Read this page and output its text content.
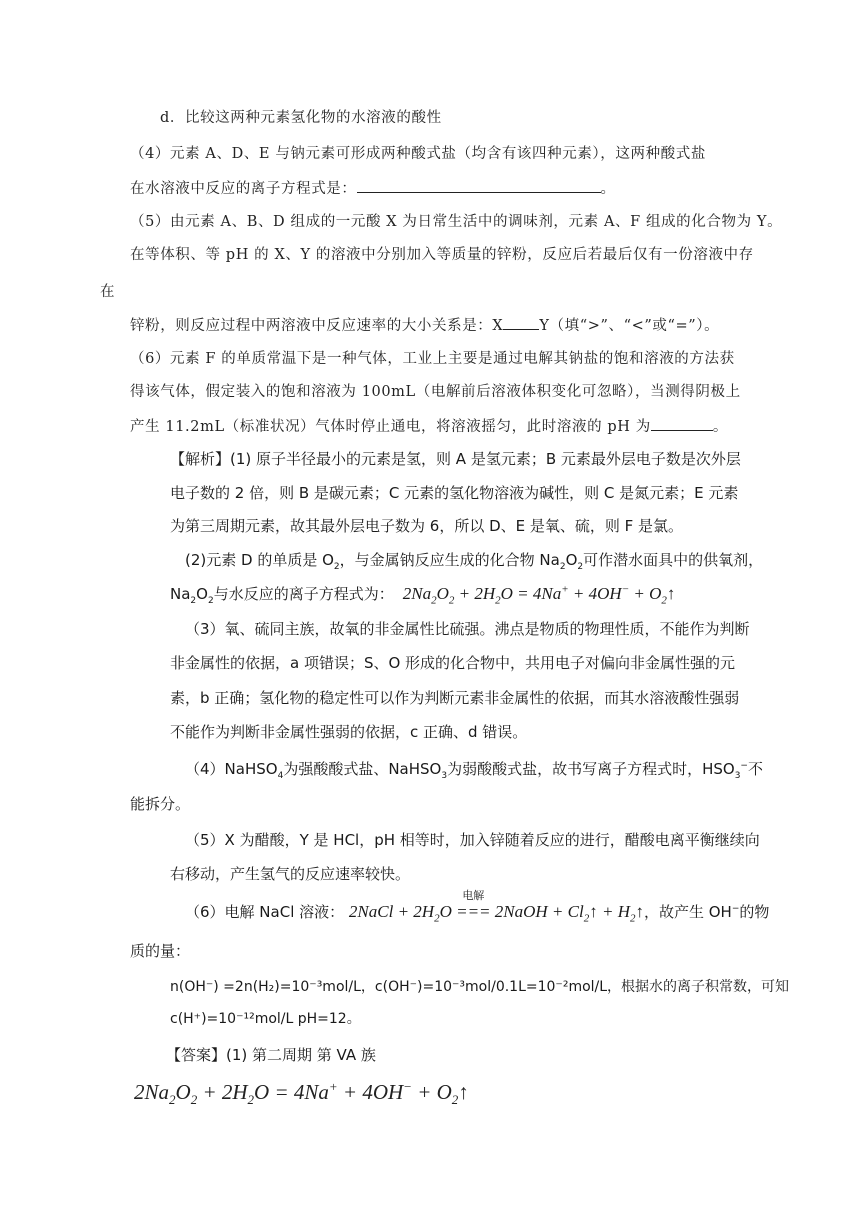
d．比较这两种元素氢化物的水溶液的酸性
（4）元素 A、D、E 与钠元素可形成两种酸式盐（均含有该四种元素），这两种酸式盐
在水溶液中反应的离子方程式是：	。
（5）由元素 A、B、D 组成的一元酸 X 为日常生活中的调味剂，元素 A、F 组成的化合物为 Y。
在等体积、等 pH 的 X、Y 的溶液中分别加入等质量的锌粉，反应后若最后仅有一份溶液中存
在
锌粉，则反应过程中两溶液中反应速率的大小关系是：X Y（填“>”、“<”或“=”）。
（6）元素 F 的单质常温下是一种气体，工业上主要是通过电解其钠盐的饱和溶液的方法获
得该气体，假定装入的饱和溶液为 100mL（电解前后溶液体积变化可忽略），当测得阴极上
产生 11.2mL（标准状况）气体时停止通电，将溶液摇匀，此时溶液的 pH 为	。
【解析】(1) 原子半径最小的元素是氢，则 A 是氢元素；B 元素最外层电子数是次外层
电子数的 2 倍，则 B 是碳元素；C 元素的氢化物溶液为碱性，则 C 是氮元素；E 元素
为第三周期元素，故其最外层电子数为 6，所以 D、E 是氧、硫，则 F 是氯。
(2)元素 D 的单质是 $O_2$，与金属钠反应生成的化合物 $Na_2O_2$可作潜水面具中的供氧剂，
$Na_2O_2$与水反应的离子方程式为：  $2Na_2O_2 + 2H_2O = 4Na^+ + 4OH^-$ + $O_2↑$
（3）氧、硫同主族，故氧的非金属性比硫强。沸点是物质的物理性质，不能作为判断
非金属性的依据，a 项错误；S、O 形成的化合物中，共用电子对偏向非金属性强的元
素，b 正确；氢化物的稳定性可以作为判断元素非金属性的依据，而其水溶液酸性强弱
不能作为判断非金属性强弱的依据，c 正确、d 错误。
（4）NaHSO$_4$为强酸酸式盐、NaHSO$_3$为弱酸酸式盐，故书写离子方程式时，$HSO_3^-$不
能拆分。
（5）X 为醋酸，Y 是 HCl，pH 相等时，加入锌随着反应的进行，醋酸电离平衡继续向
右移动，产生氢气的反应速率较快。
（6）电解 NaCl 溶液： 2NaCl + $2H_2O$
电解
=== 2NaOH + $Cl_2↑$ + $H_2↑$，故产生 OH−的物
质的量：
n(OH⁻) =2n(H₂)=10⁻³mol/L，c(OH⁻)=10⁻³mol/0.1L=10⁻²mol/L，根据水的离子积常数，可知
c(H⁺)=10⁻¹²mol/L pH=12。
【答案】(1) 第二周期 第 VA 族
$2Na_2O_2 + 2H_2O = 4Na^+ + 4OH^-$ + $O_2↑$
